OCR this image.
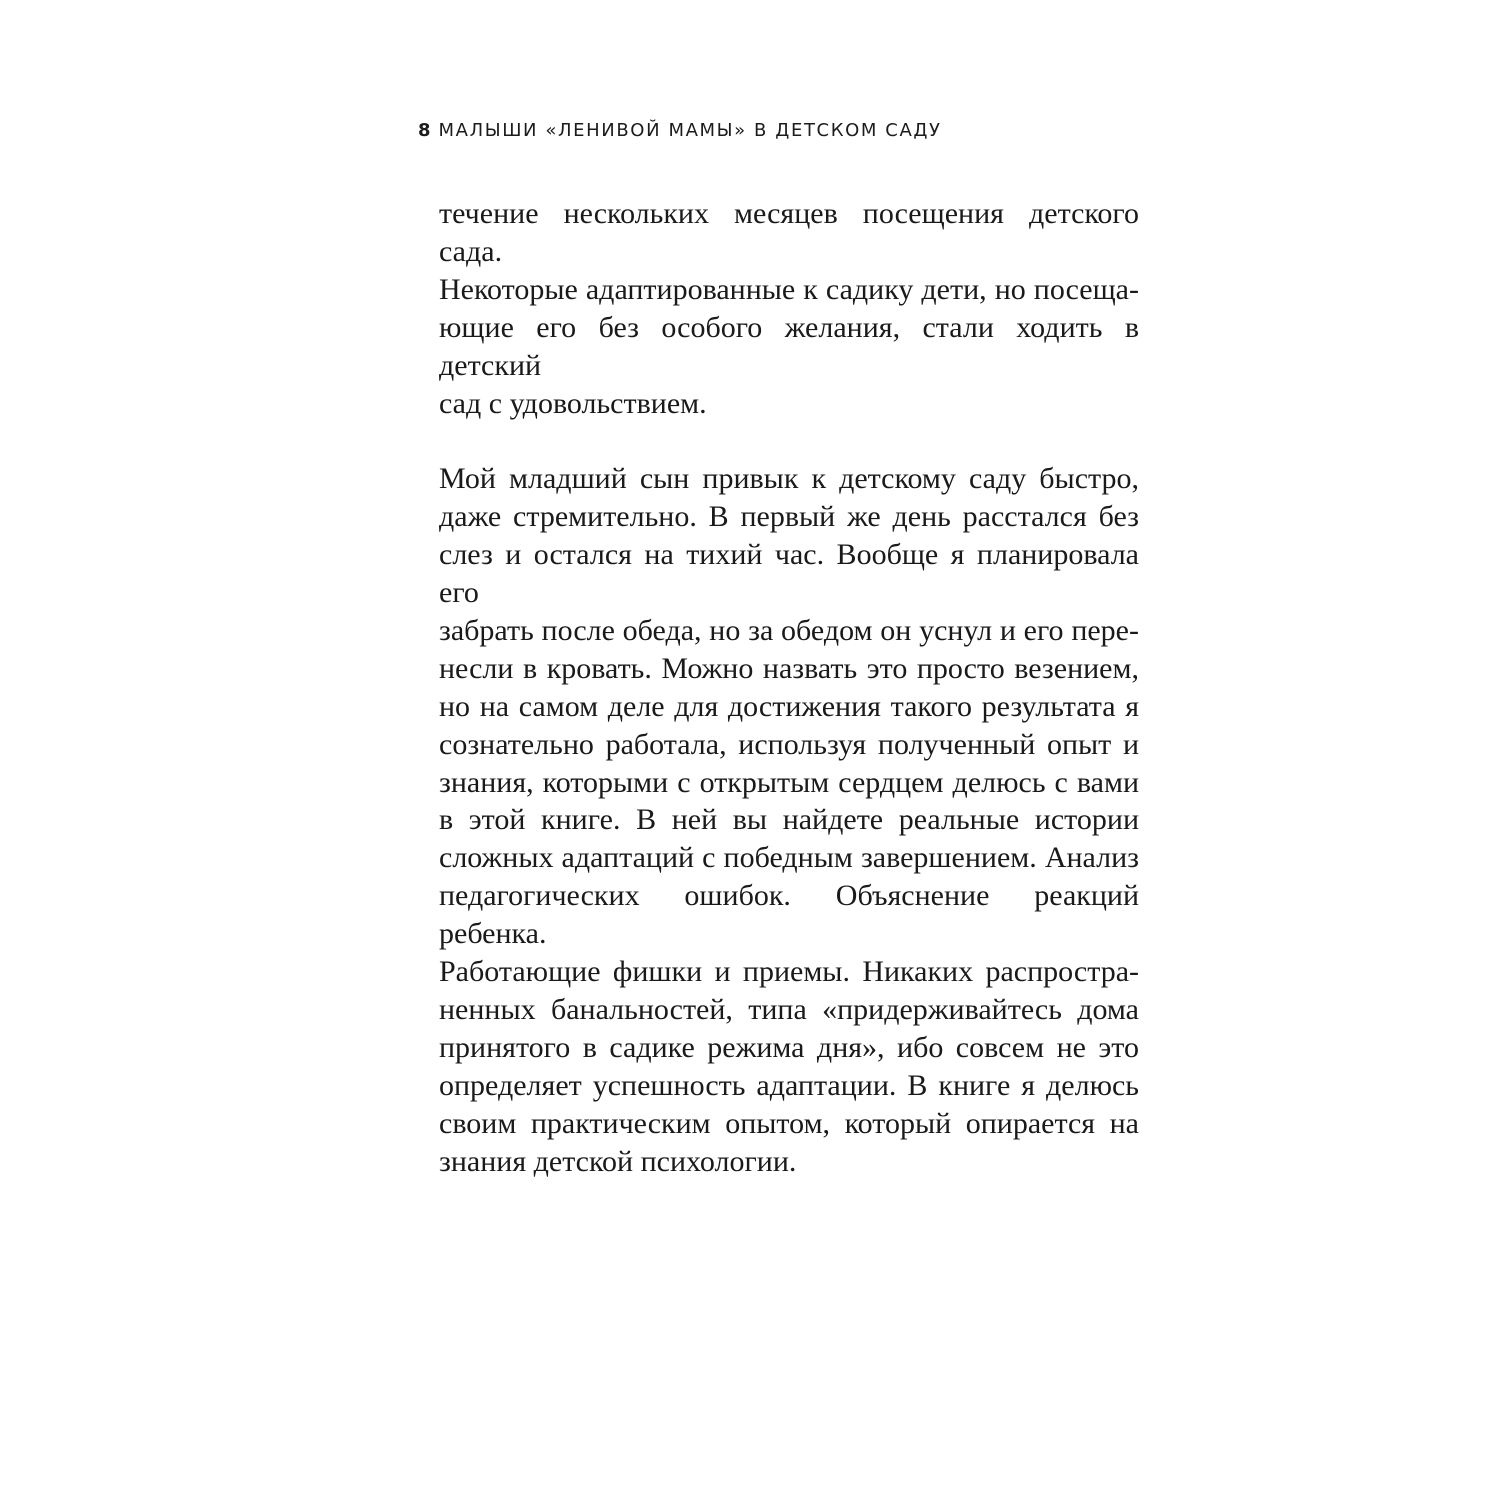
8 МАЛЫШИ «ЛЕНИВОЙ МАМЫ» В ДЕТСКОМ САДУ

течение нескольких месяцев посещения детского сада.
Некоторые адаптированные к садику дети, но посеща-
ющие его без особого желания, стали ходить в детский
сад с удовольствием.

Мой младший сын привык к детскому саду быстро,
даже стремительно. В первый же день расстался без
слез и остался на тихий час. Вообще я планировала его
забрать после обеда, но за обедом он уснул и его пере-
несли в кровать. Можно назвать это просто везением,
но на самом деле для достижения такого результата я
сознательно работала, используя полученный опыт и
знания, которыми с открытым сердцем делюсь с вами
в этой книге. В ней вы найдете реальные истории
сложных адаптаций с победным завершением. Анализ
педагогических ошибок. Объяснение реакций ребенка.
Работающие фишки и приемы. Никаких распростра-
ненных банальностей, типа «придерживайтесь дома
принятого в садике режима дня», ибо совсем не это
определяет успешность адаптации. В книге я делюсь
своим практическим опытом, который опирается на
знания детской психологии.
